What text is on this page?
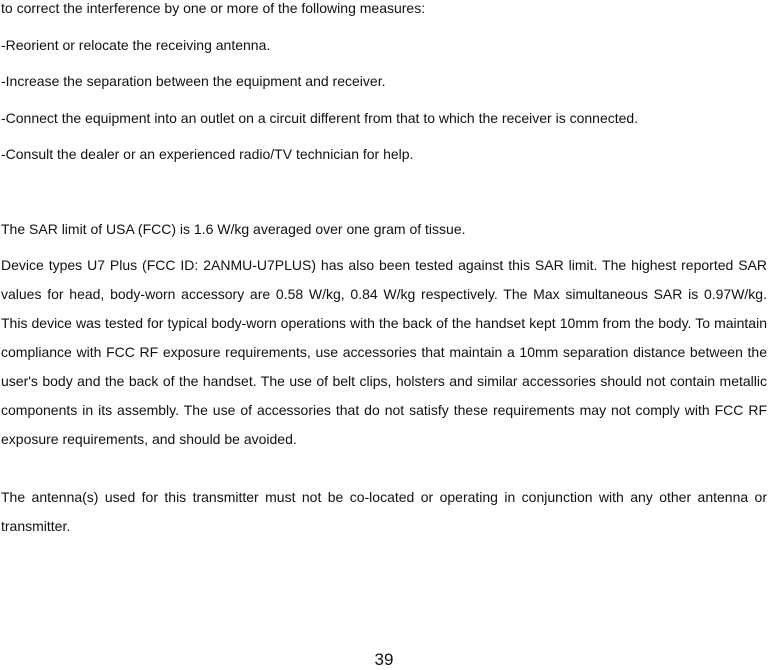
to correct the interference by one or more of the following measures:
-Reorient or relocate the receiving antenna.
-Increase the separation between the equipment and receiver.
-Connect the equipment into an outlet on a circuit different from that to which the receiver is connected.
-Consult the dealer or an experienced radio/TV technician for help.
The SAR limit of USA (FCC) is 1.6 W/kg averaged over one gram of tissue.
Device types U7 Plus (FCC ID: 2ANMU-U7PLUS) has also been tested against this SAR limit. The highest reported SAR values for head, body-worn accessory are 0.58 W/kg, 0.84 W/kg respectively. The Max simultaneous SAR is 0.97W/kg. This device was tested for typical body-worn operations with the back of the handset kept 10mm from the body. To maintain compliance with FCC RF exposure requirements, use accessories that maintain a 10mm separation distance between the user's body and the back of the handset. The use of belt clips, holsters and similar accessories should not contain metallic components in its assembly. The use of accessories that do not satisfy these requirements may not comply with FCC RF exposure requirements, and should be avoided.
The antenna(s) used for this transmitter must not be co-located or operating in conjunction with any other antenna or transmitter.
39
